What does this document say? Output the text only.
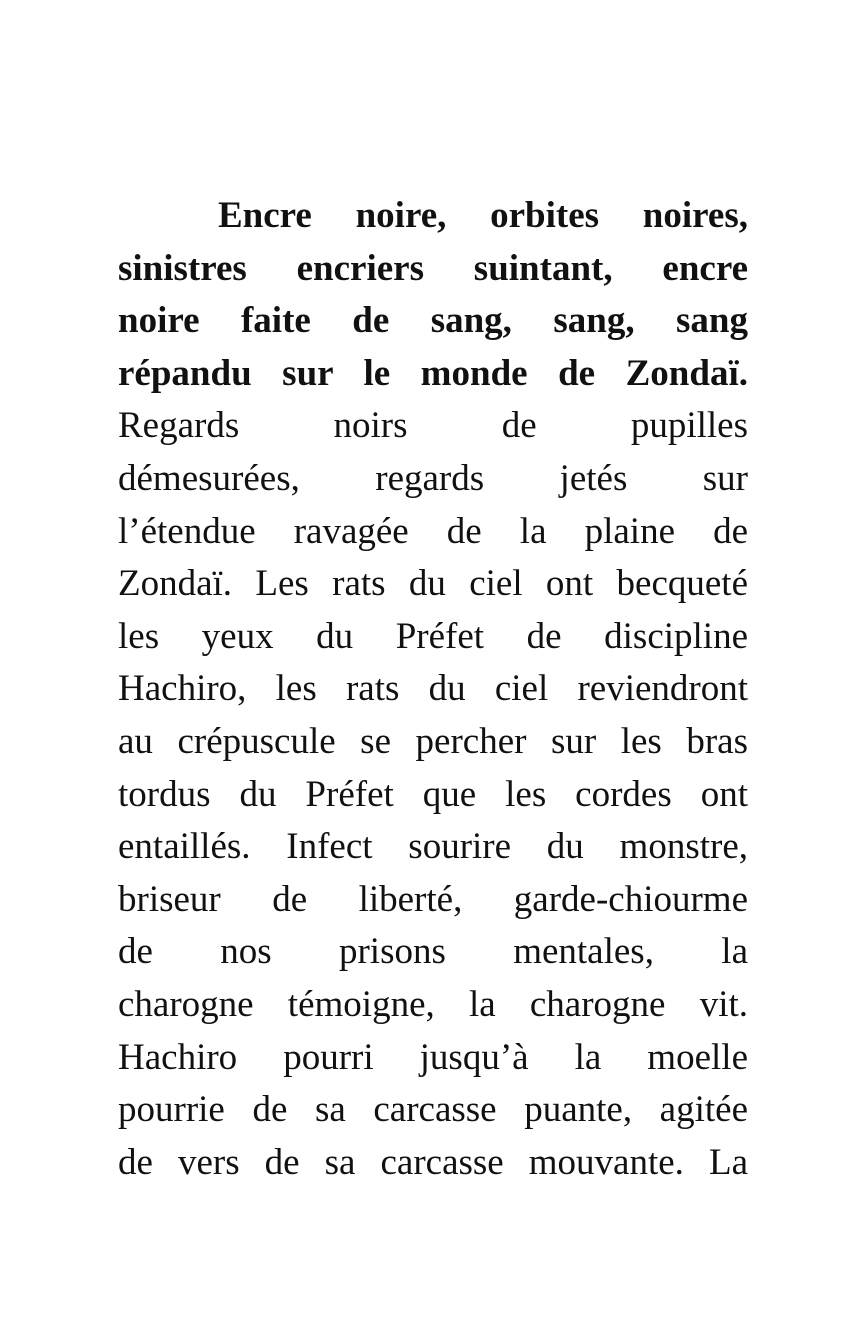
Encre noire, orbites noires,
sinistres encriers suintant, encre
noire faite de sang, sang, sang
répandu sur le monde de Zondaï.
Regards noirs de pupilles
démesurées, regards jetés sur
l’étendue ravagée de la plaine de
Zondaï. Les rats du ciel ont becqueté
les yeux du Préfet de discipline
Hachiro, les rats du ciel reviendront
au crépuscule se percher sur les bras
tordus du Préfet que les cordes ont
entaillés. Infect sourire du monstre,
briseur de liberté, garde-chiourme
de nos prisons mentales, la
charogne témoigne, la charogne vit.
Hachiro pourri jusqu’à la moelle
pourrie de sa carcasse puante, agitée
de vers de sa carcasse mouvante. La
